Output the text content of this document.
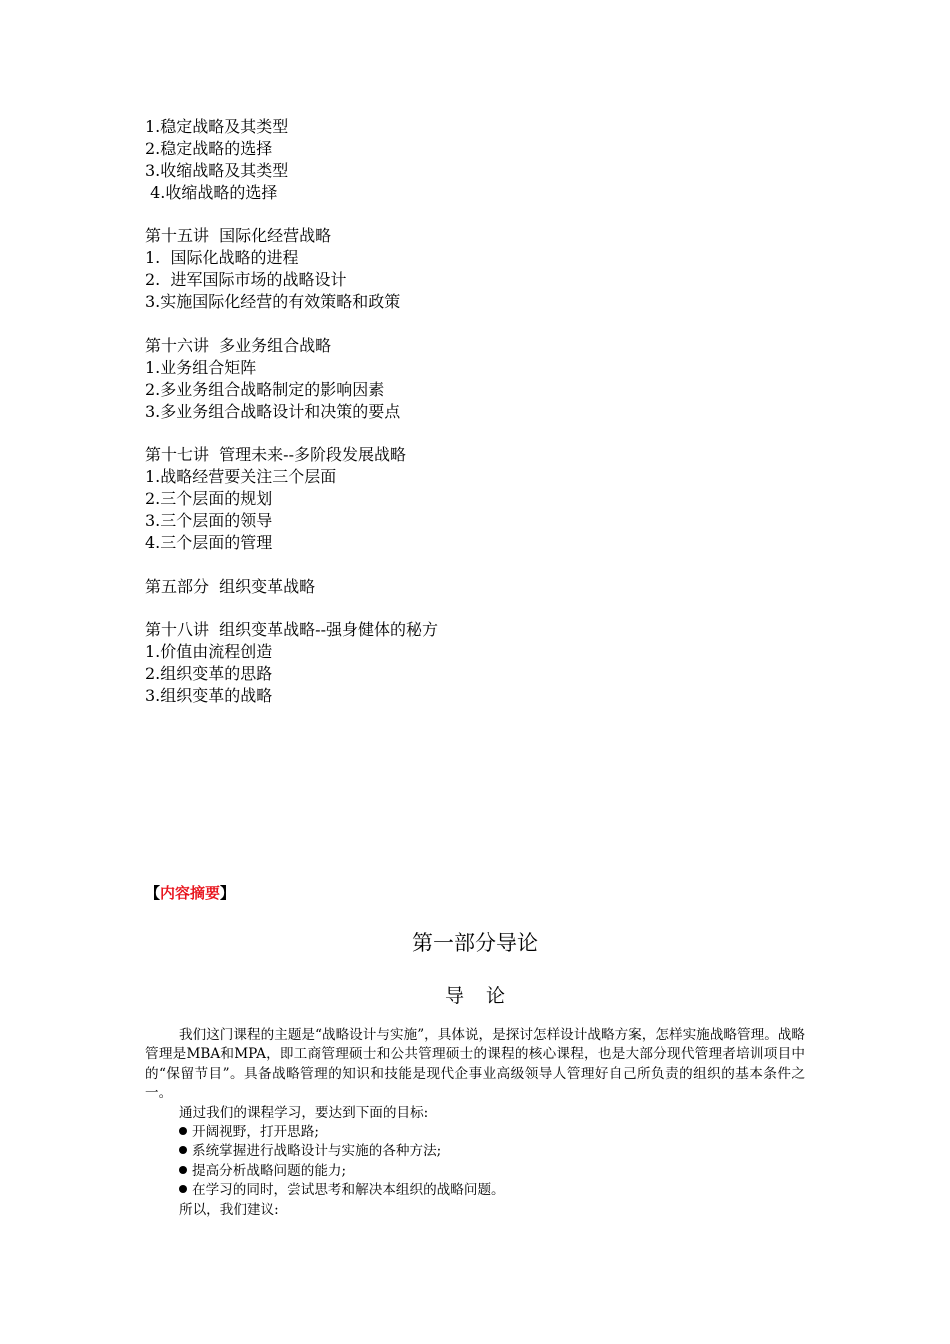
1.稳定战略及其类型
2.稳定战略的选择
3.收缩战略及其类型
4.收缩战略的选择
第十五讲  国际化经营战略
1.  国际化战略的进程
2.  进军国际市场的战略设计
3.实施国际化经营的有效策略和政策
第十六讲  多业务组合战略
1.业务组合矩阵
2.多业务组合战略制定的影响因素
3.多业务组合战略设计和决策的要点
第十七讲  管理未来--多阶段发展战略
1.战略经营要关注三个层面
2.三个层面的规划
3.三个层面的领导
4.三个层面的管理
第五部分  组织变革战略
第十八讲  组织变革战略--强身健体的秘方
1.价值由流程创造
2.组织变革的思路
3.组织变革的战略
【内容摘要】
第一部分导论
导论
我们这门课程的主题是“战略设计与实施”，具体说，是探讨怎样设计战略方案，怎样实施战略管理。战略管理是MBA和MPA，即工商管理硕士和公共管理硕士的课程的核心课程，也是大部分现代管理者培训项目中的“保留节目”。具备战略管理的知识和技能是现代企事业高级领导人管理好自己所负责的组织的基本条件之一。
通过我们的课程学习，要达到下面的目标:
开阔视野，打开思路;
系统掌握进行战略设计与实施的各种方法;
提高分析战略问题的能力;
在学习的同时，尝试思考和解决本组织的战略问题。
所以，我们建议:
